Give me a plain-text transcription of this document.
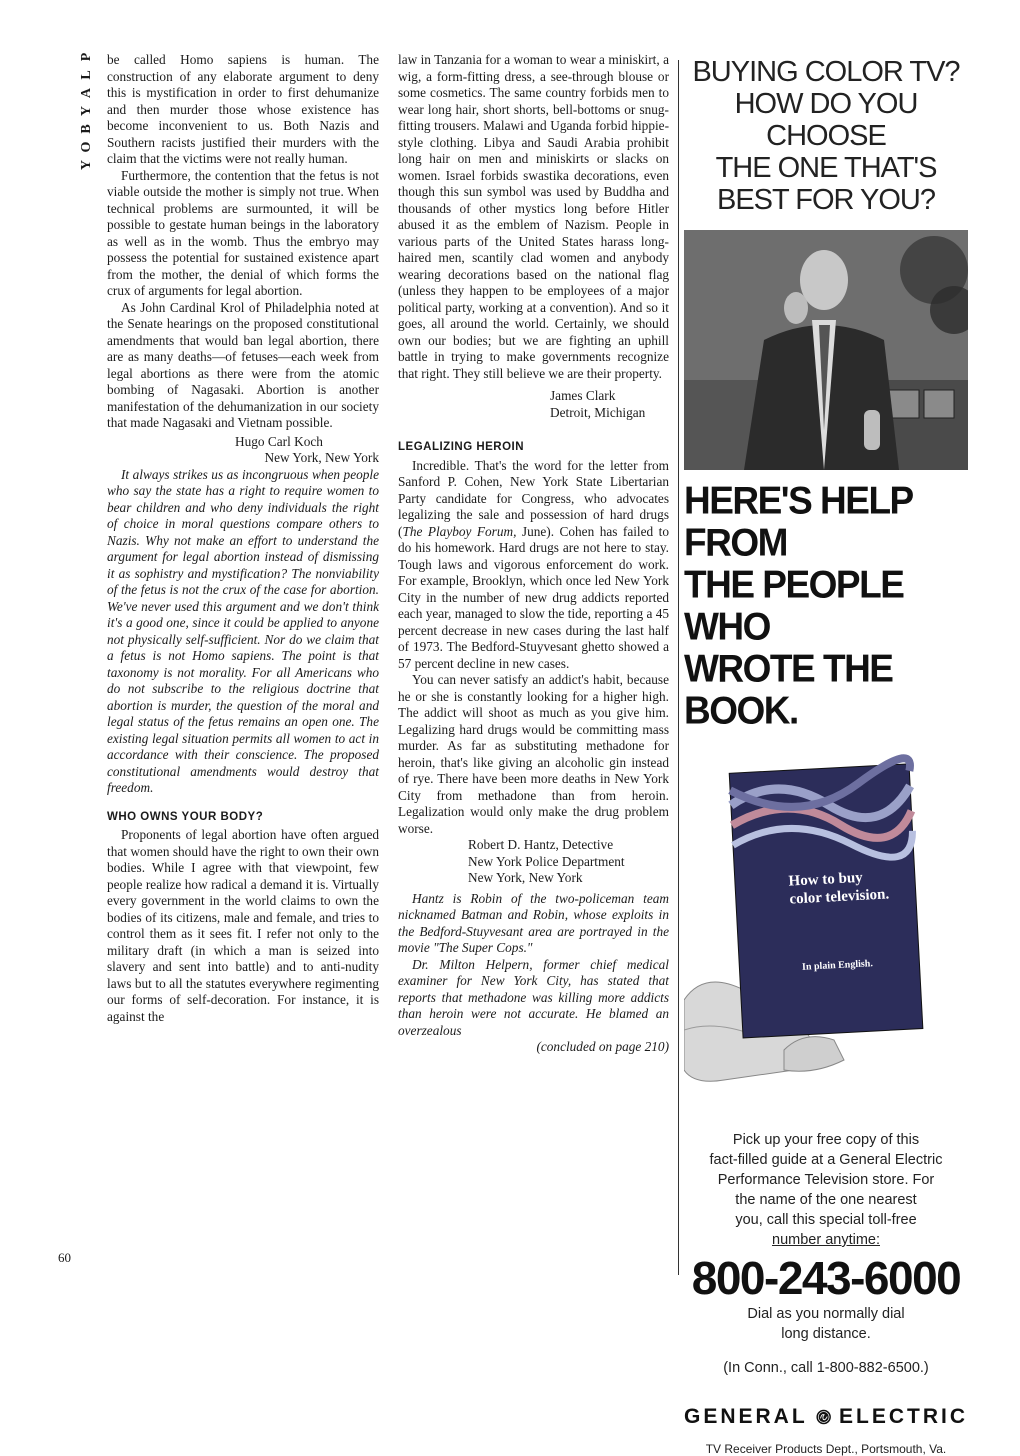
P
L
A
Y
B
O
Y
60

be called Homo sapiens is human. The construction of any elaborate argument to deny this is mystification in order to first dehumanize and then murder those whose existence has become inconvenient to us. Both Nazis and Southern racists justified their murders with the claim that the victims were not really human.

Furthermore, the contention that the fetus is not viable outside the mother is simply not true. When technical problems are surmounted, it will be possible to gestate human beings in the laboratory as well as in the womb. Thus the embryo may possess the potential for sustained existence apart from the mother, the denial of which forms the crux of arguments for legal abortion.

As John Cardinal Krol of Philadelphia noted at the Senate hearings on the proposed constitutional amendments that would ban legal abortion, there are as many deaths—of fetuses—each week from legal abortions as there were from the atomic bombing of Nagasaki. Abortion is another manifestation of the dehumanization in our society that made Nagasaki and Vietnam possible.

Hugo Carl Koch
New York, New York

It always strikes us as incongruous when people who say the state has a right to require women to bear children and who deny individuals the right of choice in moral questions compare others to Nazis. Why not make an effort to understand the argument for legal abortion instead of dismissing it as sophistry and mystification? The nonviability of the fetus is not the crux of the case for abortion. We've never used this argument and we don't think it's a good one, since it could be applied to anyone not physically self-sufficient. Nor do we claim that a fetus is not Homo sapiens. The point is that taxonomy is not morality. For all Americans who do not subscribe to the religious doctrine that abortion is murder, the question of the moral and legal status of the fetus remains an open one. The existing legal situation permits all women to act in accordance with their conscience. The proposed constitutional amendments would destroy that freedom.

WHO OWNS YOUR BODY?

Proponents of legal abortion have often argued that women should have the right to own their own bodies. While I agree with that viewpoint, few people realize how radical a demand it is. Virtually every government in the world claims to own the bodies of its citizens, male and female, and tries to control them as it sees fit. I refer not only to the military draft (in which a man is seized into slavery and sent into battle) and to anti-nudity laws but to all the statutes everywhere regimenting our forms of self-decoration. For instance, it is against the

law in Tanzania for a woman to wear a miniskirt, a wig, a form-fitting dress, a see-through blouse or some cosmetics. The same country forbids men to wear long hair, short shorts, bell-bottoms or snug-fitting trousers. Malawi and Uganda forbid hippie-style clothing. Libya and Saudi Arabia prohibit long hair on men and miniskirts or slacks on women. Israel forbids swastika decorations, even though this sun symbol was used by Buddha and thousands of other mystics long before Hitler abused it as the emblem of Nazism. People in various parts of the United States harass long-haired men, scantily clad women and anybody wearing decorations based on the national flag (unless they happen to be employees of a major political party, working at a convention). And so it goes, all around the world. Certainly, we should own our bodies; but we are fighting an uphill battle in trying to make governments recognize that right. They still believe we are their property.

James Clark
Detroit, Michigan
LEGALIZING HEROIN

Incredible. That's the word for the letter from Sanford P. Cohen, New York State Libertarian Party candidate for Congress, who advocates legalizing the sale and possession of hard drugs (The Playboy Forum, June). Cohen has failed to do his homework. Hard drugs are not here to stay. Tough laws and vigorous enforcement do work. For example, Brooklyn, which once led New York City in the number of new drug addicts reported each year, managed to slow the tide, reporting a 45 percent decrease in new cases during the last half of 1973. The Bedford-Stuyvesant ghetto showed a 57 percent decline in new cases.

You can never satisfy an addict's habit, because he or she is constantly looking for a higher high. The addict will shoot as much as you give him. Legalizing hard drugs would be committing mass murder. As far as substituting methadone for heroin, that's like giving an alcoholic gin instead of rye. There have been more deaths in New York City from methadone than from heroin. Legalization would only make the drug problem worse.

Robert D. Hantz, Detective
New York Police Department
New York, New York

Hantz is Robin of the two-policeman team nicknamed Batman and Robin, whose exploits in the Bedford-Stuyvesant area are portrayed in the movie "The Super Cops."

Dr. Milton Helpern, former chief medical examiner for New York City, has stated that reports that methadone was killing more addicts than heroin were not accurate. He blamed an overzealous

(concluded on page 210)

BUYING COLOR TV?
HOW DO YOU CHOOSE
THE ONE THAT'S
BEST FOR YOU?
HERE'S HELP FROM
THE PEOPLE WHO
WROTE THE BOOK.
How to buy
color television.
In plain English.
Pick up your free copy of this
fact-filled guide at a General Electric
Performance Television store. For
the name of the one nearest
you, call this special toll-free
number anytime:
800-243-6000
Dial as you normally dial
long distance.
(In Conn., call 1-800-882-6500.)
GENERAL ELECTRIC
TV Receiver Products Dept., Portsmouth, Va.
